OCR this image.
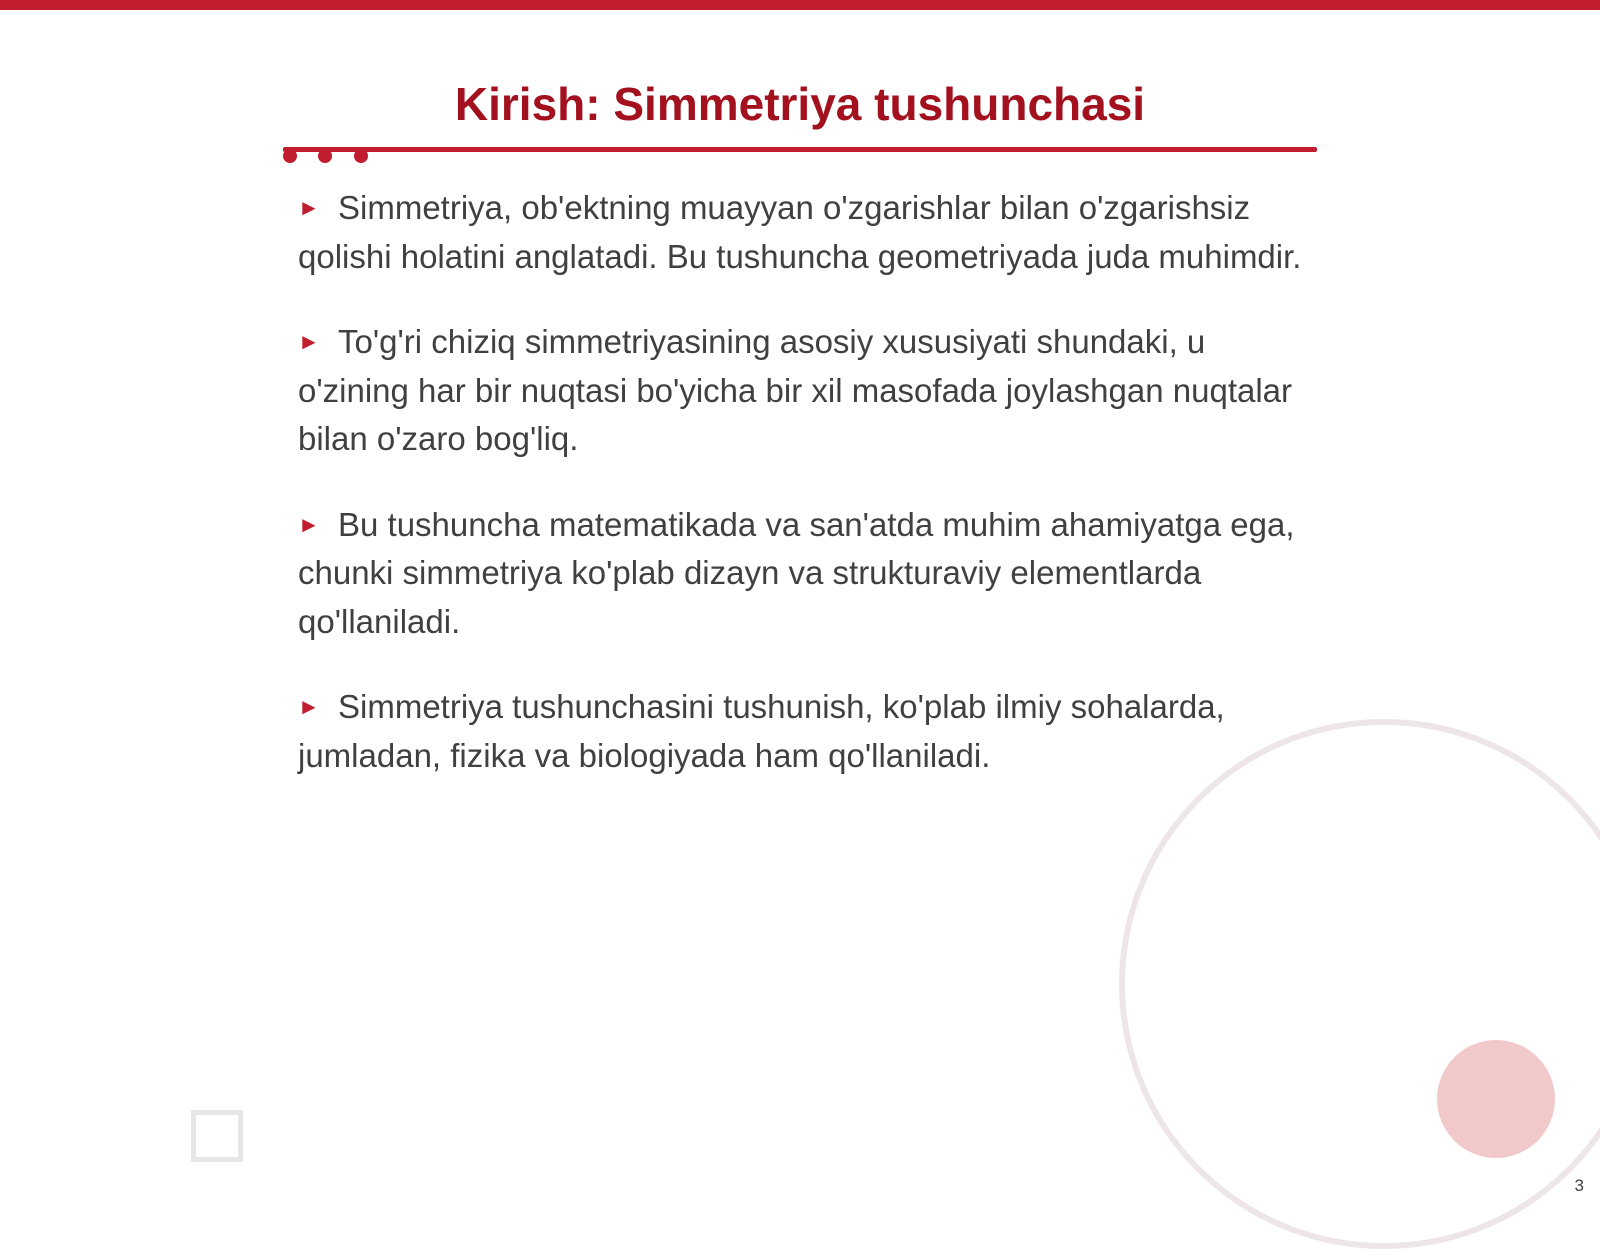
Kirish: Simmetriya tushunchasi

► Simmetriya, ob'ektning muayyan o'zgarishlar bilan o'zgarishsiz qolishi holatini anglatadi. Bu tushuncha geometriyada juda muhimdir.

► To'g'ri chiziq simmetriyasining asosiy xususiyati shundaki, u o'zining har bir nuqtasi bo'yicha bir xil masofada joylashgan nuqtalar bilan o'zaro bog'liq.

► Bu tushuncha matematikada va san'atda muhim ahamiyatga ega, chunki simmetriya ko'plab dizayn va strukturaviy elementlarda qo'llaniladi.

► Simmetriya tushunchasini tushunish, ko'plab ilmiy sohalarda, jumladan, fizika va biologiyada ham qo'llaniladi.

3
